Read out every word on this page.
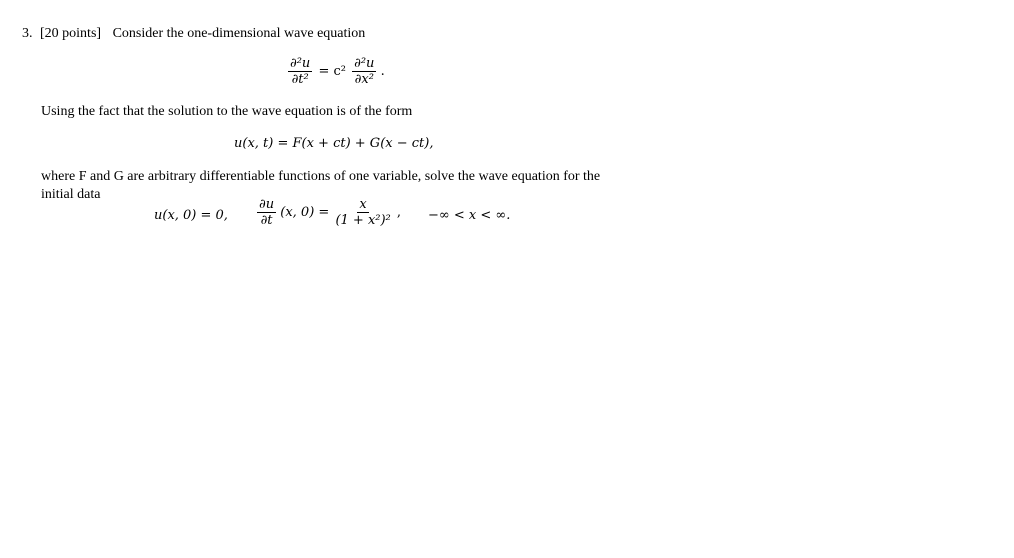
3. [20 points] Consider the one-dimensional wave equation
$\frac{\text{∂²u}}{\text{∂t²}} = c^2 \frac{\text{∂²u}}{\text{∂x²}}$ .
Using the fact that the solution to the wave equation is of the form
u(x, t) = F(x + ct) + G(x − ct),
where F and G are arbitrary differentiable functions of one variable, solve the wave equation for the
initial data
u(x, 0) = 0, $\frac{\partial u}{\partial t} (x$, $0) = \frac{x}{\text{(1 + x²)²}}$ , −∞ < x < ∞.
